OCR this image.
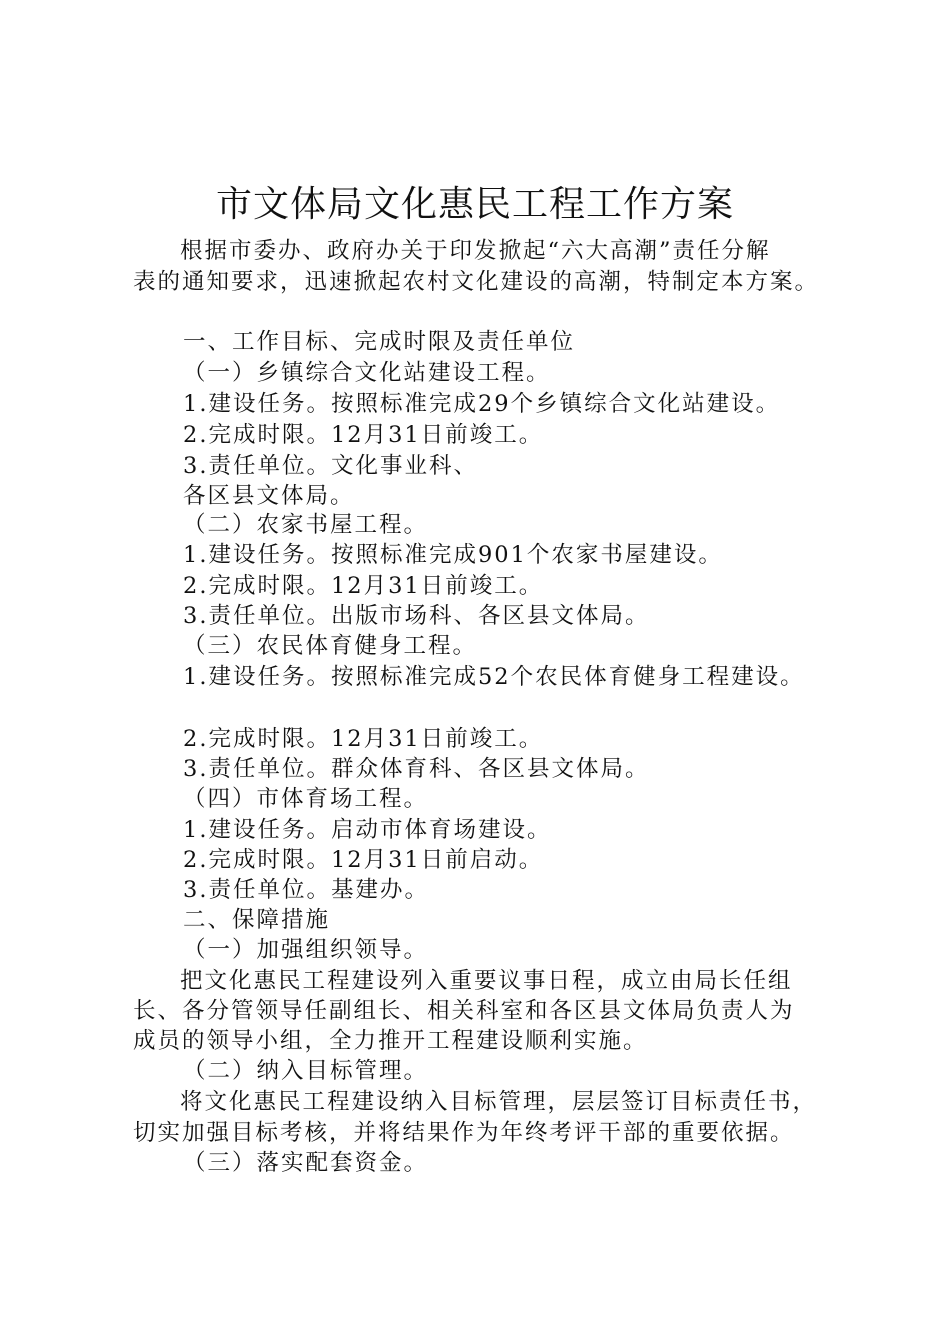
市文体局文化惠民工程工作方案
根据市委办、政府办关于印发掀起“六大高潮”责任分解
表的通知要求，迅速掀起农村文化建设的高潮，特制定本方案。
一、工作目标、完成时限及责任单位
（一）乡镇综合文化站建设工程。
1.建设任务。按照标准完成29个乡镇综合文化站建设。
2.完成时限。12月31日前竣工。
3.责任单位。文化事业科、
各区县文体局。
（二）农家书屋工程。
1.建设任务。按照标准完成901个农家书屋建设。
2.完成时限。12月31日前竣工。
3.责任单位。出版市场科、各区县文体局。
（三）农民体育健身工程。
1.建设任务。按照标准完成52个农民体育健身工程建设。
2.完成时限。12月31日前竣工。
3.责任单位。群众体育科、各区县文体局。
（四）市体育场工程。
1.建设任务。启动市体育场建设。
2.完成时限。12月31日前启动。
3.责任单位。基建办。
二、保障措施
（一）加强组织领导。
把文化惠民工程建设列入重要议事日程，成立由局长任组
长、各分管领导任副组长、相关科室和各区县文体局负责人为
成员的领导小组，全力推开工程建设顺利实施。
（二）纳入目标管理。
将文化惠民工程建设纳入目标管理，层层签订目标责任书，
切实加强目标考核，并将结果作为年终考评干部的重要依据。
（三）落实配套资金。
